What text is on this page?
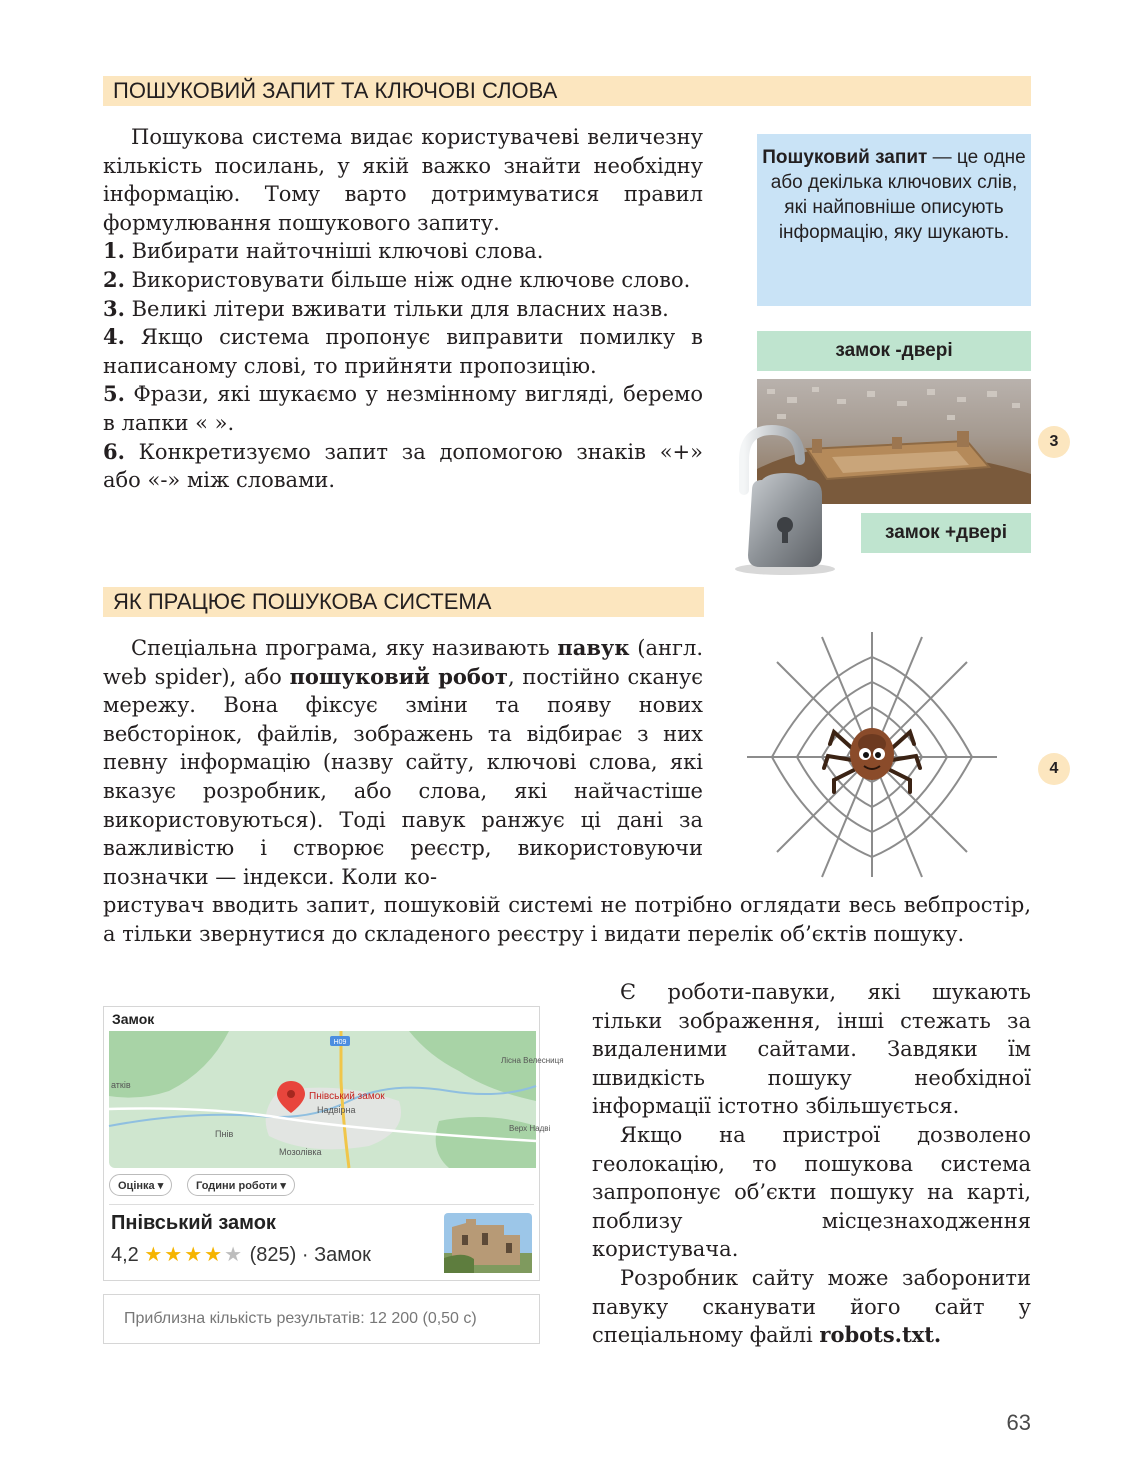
ПОШУКОВИЙ ЗАПИТ ТА КЛЮЧОВІ СЛОВА

Пошукова система видає користувачеві величезну кількість посилань, у якій важко знайти необхідну інформацію. Тому варто дотримуватися правил формулювання пошукового запиту.

1. Вибирати найточніші ключові слова.

2. Використовувати більше ніж одне ключове слово.

3. Великі літери вживати тільки для власних назв.

4. Якщо система пропонує виправити помилку в написаному слові, то прийняти пропозицію.

5. Фрази, які шукаємо у незмінному вигляді, беремо в лапки « ».

6. Конкретизуємо запит за допомогою знаків «+» або «-» між словами.

Пошуковий запит — це одне або декілька ключових слів, які найповніше описують інформацію, яку шукають.
замок -двері
замок +двері
3
ЯК ПРАЦЮЄ ПОШУКОВА СИСТЕМА

Спеціальна програма, яку називають павук (англ. web spider), або пошуковий робот, постійно сканує мережу. Вона фіксує зміни та появу нових вебсторінок, файлів, зображень та відбирає з них певну інформацію (назву сайту, ключові слова, які вказує розробник, або слова, які найчастіше використовуються). Тоді павук ранжує ці дані за важливістю і створює реєстр, використовуючи позначки — індекси. Коли ко-

ристувач вводить запит, пошуковій системі не потрібно оглядати весь вебпростір, а тільки звернутися до складеного реєстру і видати перелік об’єктів пошуку.

4

Є роботи-павуки, які шукають тільки зображення, інші стежать за видаленими сайтами. Завдяки їм швидкість пошуку необхідної інформації істотно збільшується.

Якщо на пристрої дозволено геолокацію, то пошукова система запропонує об’єкти пошуку на карті, поблизу місцезнаходження користувача.

Розробник сайту може заборонити павуку сканувати його сайт у спеціальному файлі robots.txt.

Замок
H09
Пнівський замок
Надвірна
Пнів
Мозолівка
атків
Лісна Велесниця
Верх Надві
Оцінка ▾	Години роботи ▾
Пнівський замок
4,2 ★★★★★ (825) · Замок
Приблизна кількість результатів: 12 200 (0,50 с)
63
